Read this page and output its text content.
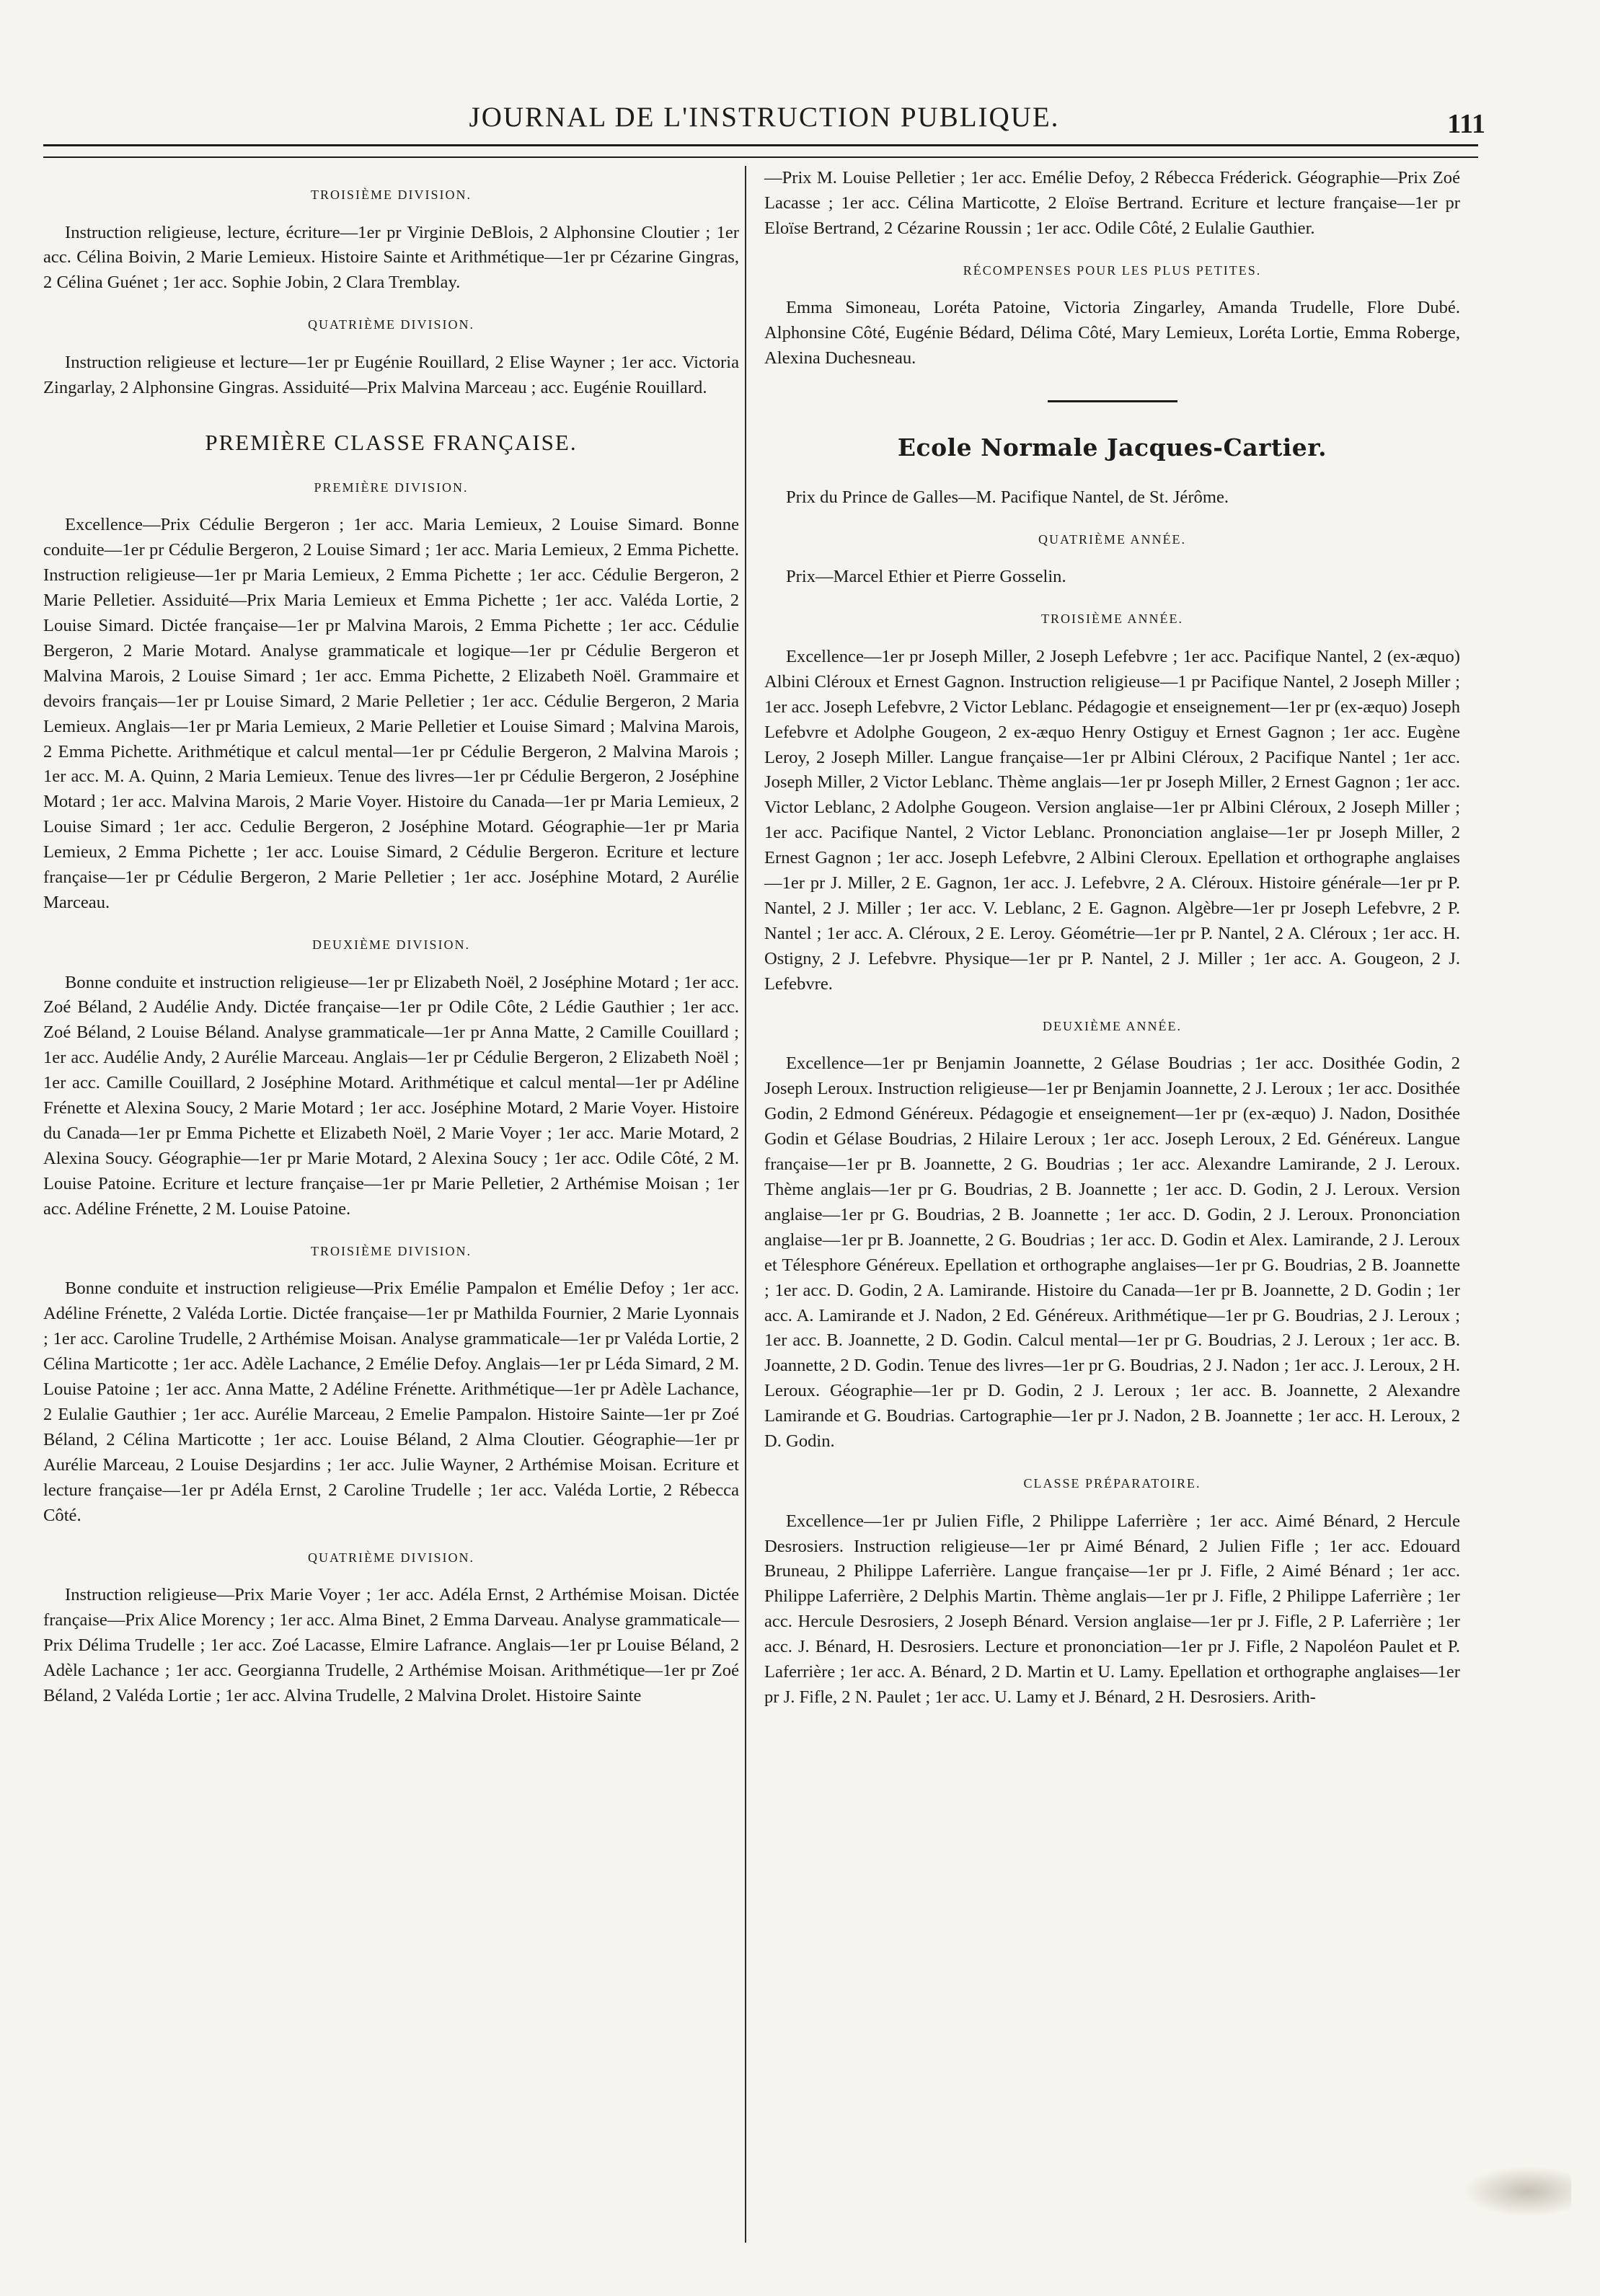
JOURNAL DE L'INSTRUCTION PUBLIQUE.	111
TROISIÈME DIVISION.

Instruction religieuse, lecture, écriture—1er pr Virginie DeBlois, 2 Alphonsine Cloutier ; 1er acc. Célina Boivin, 2 Marie Lemieux. Histoire Sainte et Arithmétique—1er pr Cézarine Gingras, 2 Célina Guénet ; 1er acc. Sophie Jobin, 2 Clara Tremblay.

QUATRIÈME DIVISION.

Instruction religieuse et lecture—1er pr Eugénie Rouillard, 2 Elise Wayner ; 1er acc. Victoria Zingarlay, 2 Alphonsine Gingras. Assiduité—Prix Malvina Marceau ; acc. Eugénie Rouillard.

PREMIÈRE CLASSE FRANÇAISE.
PREMIÈRE DIVISION.

Excellence—Prix Cédulie Bergeron ; 1er acc. Maria Lemieux, 2 Louise Simard. Bonne conduite—1er pr Cédulie Bergeron, 2 Louise Simard ; 1er acc. Maria Lemieux, 2 Emma Pichette. Instruction religieuse—1er pr Maria Lemieux, 2 Emma Pichette ; 1er acc. Cédulie Bergeron, 2 Marie Pelletier. Assiduité—Prix Maria Lemieux et Emma Pichette ; 1er acc. Valéda Lortie, 2 Louise Simard. Dictée française—1er pr Malvina Marois, 2 Emma Pichette ; 1er acc. Cédulie Bergeron, 2 Marie Motard. Analyse grammaticale et logique—1er pr Cédulie Bergeron et Malvina Marois, 2 Louise Simard ; 1er acc. Emma Pichette, 2 Elizabeth Noël. Grammaire et devoirs français—1er pr Louise Simard, 2 Marie Pelletier ; 1er acc. Cédulie Bergeron, 2 Maria Lemieux. Anglais—1er pr Maria Lemieux, 2 Marie Pelletier et Louise Simard ; Malvina Marois, 2 Emma Pichette. Arithmétique et calcul mental—1er pr Cédulie Bergeron, 2 Malvina Marois ; 1er acc. M. A. Quinn, 2 Maria Lemieux. Tenue des livres—1er pr Cédulie Bergeron, 2 Joséphine Motard ; 1er acc. Malvina Marois, 2 Marie Voyer. Histoire du Canada—1er pr Maria Lemieux, 2 Louise Simard ; 1er acc. Cedulie Bergeron, 2 Joséphine Motard. Géographie—1er pr Maria Lemieux, 2 Emma Pichette ; 1er acc. Louise Simard, 2 Cédulie Bergeron. Ecriture et lecture française—1er pr Cédulie Bergeron, 2 Marie Pelletier ; 1er acc. Joséphine Motard, 2 Aurélie Marceau.

DEUXIÈME DIVISION.

Bonne conduite et instruction religieuse—1er pr Elizabeth Noël, 2 Joséphine Motard ; 1er acc. Zoé Béland, 2 Audélie Andy. Dictée française—1er pr Odile Côte, 2 Lédie Gauthier ; 1er acc. Zoé Béland, 2 Louise Béland. Analyse grammaticale—1er pr Anna Matte, 2 Camille Couillard ; 1er acc. Audélie Andy, 2 Aurélie Marceau. Anglais—1er pr Cédulie Bergeron, 2 Elizabeth Noël ; 1er acc. Camille Couillard, 2 Joséphine Motard. Arithmétique et calcul mental—1er pr Adéline Frénette et Alexina Soucy, 2 Marie Motard ; 1er acc. Joséphine Motard, 2 Marie Voyer. Histoire du Canada—1er pr Emma Pichette et Elizabeth Noël, 2 Marie Voyer ; 1er acc. Marie Motard, 2 Alexina Soucy. Géographie—1er pr Marie Motard, 2 Alexina Soucy ; 1er acc. Odile Côté, 2 M. Louise Patoine. Ecriture et lecture française—1er pr Marie Pelletier, 2 Arthémise Moisan ; 1er acc. Adéline Frénette, 2 M. Louise Patoine.

TROISIÈME DIVISION.

Bonne conduite et instruction religieuse—Prix Emélie Pampalon et Emélie Defoy ; 1er acc. Adéline Frénette, 2 Valéda Lortie. Dictée française—1er pr Mathilda Fournier, 2 Marie Lyonnais ; 1er acc. Caroline Trudelle, 2 Arthémise Moisan. Analyse grammaticale—1er pr Valéda Lortie, 2 Célina Marticotte ; 1er acc. Adèle Lachance, 2 Emélie Defoy. Anglais—1er pr Léda Simard, 2 M. Louise Patoine ; 1er acc. Anna Matte, 2 Adéline Frénette. Arithmétique—1er pr Adèle Lachance, 2 Eulalie Gauthier ; 1er acc. Aurélie Marceau, 2 Emelie Pampalon. Histoire Sainte—1er pr Zoé Béland, 2 Célina Marticotte ; 1er acc. Louise Béland, 2 Alma Cloutier. Géographie—1er pr Aurélie Marceau, 2 Louise Desjardins ; 1er acc. Julie Wayner, 2 Arthémise Moisan. Ecriture et lecture française—1er pr Adéla Ernst, 2 Caroline Trudelle ; 1er acc. Valéda Lortie, 2 Rébecca Côté.

QUATRIÈME DIVISION.

Instruction religieuse—Prix Marie Voyer ; 1er acc. Adéla Ernst, 2 Arthémise Moisan. Dictée française—Prix Alice Morency ; 1er acc. Alma Binet, 2 Emma Darveau. Analyse grammaticale—Prix Délima Trudelle ; 1er acc. Zoé Lacasse, Elmire Lafrance. Anglais—1er pr Louise Béland, 2 Adèle Lachance ; 1er acc. Georgianna Trudelle, 2 Arthémise Moisan. Arithmétique—1er pr Zoé Béland, 2 Valéda Lortie ; 1er acc. Alvina Trudelle, 2 Malvina Drolet. Histoire Sainte

—Prix M. Louise Pelletier ; 1er acc. Emélie Defoy, 2 Rébecca Fréderick. Géographie—Prix Zoé Lacasse ; 1er acc. Célina Marticotte, 2 Eloïse Bertrand. Ecriture et lecture française—1er pr Eloïse Bertrand, 2 Cézarine Roussin ; 1er acc. Odile Côté, 2 Eulalie Gauthier.

RÉCOMPENSES POUR LES PLUS PETITES.

Emma Simoneau, Loréta Patoine, Victoria Zingarley, Amanda Trudelle, Flore Dubé. Alphonsine Côté, Eugénie Bédard, Délima Côté, Mary Lemieux, Loréta Lortie, Emma Roberge, Alexina Duchesneau.

Ecole Normale Jacques-Cartier.

Prix du Prince de Galles—M. Pacifique Nantel, de St. Jérôme.

QUATRIÈME ANNÉE.

Prix—Marcel Ethier et Pierre Gosselin.

TROISIÈME ANNÉE.

Excellence—1er pr Joseph Miller, 2 Joseph Lefebvre ; 1er acc. Pacifique Nantel, 2 (ex-æquo) Albini Cléroux et Ernest Gagnon. Instruction religieuse—1 pr Pacifique Nantel, 2 Joseph Miller ; 1er acc. Joseph Lefebvre, 2 Victor Leblanc. Pédagogie et enseignement—1er pr (ex-æquo) Joseph Lefebvre et Adolphe Gougeon, 2 ex-æquo Henry Ostiguy et Ernest Gagnon ; 1er acc. Eugène Leroy, 2 Joseph Miller. Langue française—1er pr Albini Cléroux, 2 Pacifique Nantel ; 1er acc. Joseph Miller, 2 Victor Leblanc. Thème anglais—1er pr Joseph Miller, 2 Ernest Gagnon ; 1er acc. Victor Leblanc, 2 Adolphe Gougeon. Version anglaise—1er pr Albini Cléroux, 2 Joseph Miller ; 1er acc. Pacifique Nantel, 2 Victor Leblanc. Prononciation anglaise—1er pr Joseph Miller, 2 Ernest Gagnon ; 1er acc. Joseph Lefebvre, 2 Albini Cleroux. Epellation et orthographe anglaises—1er pr J. Miller, 2 E. Gagnon, 1er acc. J. Lefebvre, 2 A. Cléroux. Histoire générale—1er pr P. Nantel, 2 J. Miller ; 1er acc. V. Leblanc, 2 E. Gagnon. Algèbre—1er pr Joseph Lefebvre, 2 P. Nantel ; 1er acc. A. Cléroux, 2 E. Leroy. Géométrie—1er pr P. Nantel, 2 A. Cléroux ; 1er acc. H. Ostigny, 2 J. Lefebvre. Physique—1er pr P. Nantel, 2 J. Miller ; 1er acc. A. Gougeon, 2 J. Lefebvre.

DEUXIÈME ANNÉE.

Excellence—1er pr Benjamin Joannette, 2 Gélase Boudrias ; 1er acc. Dosithée Godin, 2 Joseph Leroux. Instruction religieuse—1er pr Benjamin Joannette, 2 J. Leroux ; 1er acc. Dosithée Godin, 2 Edmond Généreux. Pédagogie et enseignement—1er pr (ex-æquo) J. Nadon, Dosithée Godin et Gélase Boudrias, 2 Hilaire Leroux ; 1er acc. Joseph Leroux, 2 Ed. Généreux. Langue française—1er pr B. Joannette, 2 G. Boudrias ; 1er acc. Alexandre Lamirande, 2 J. Leroux. Thème anglais—1er pr G. Boudrias, 2 B. Joannette ; 1er acc. D. Godin, 2 J. Leroux. Version anglaise—1er pr G. Boudrias, 2 B. Joannette ; 1er acc. D. Godin, 2 J. Leroux. Prononciation anglaise—1er pr B. Joannette, 2 G. Boudrias ; 1er acc. D. Godin et Alex. Lamirande, 2 J. Leroux et Télesphore Généreux. Epellation et orthographe anglaises—1er pr G. Boudrias, 2 B. Joannette ; 1er acc. D. Godin, 2 A. Lamirande. Histoire du Canada—1er pr B. Joannette, 2 D. Godin ; 1er acc. A. Lamirande et J. Nadon, 2 Ed. Généreux. Arithmétique—1er pr G. Boudrias, 2 J. Leroux ; 1er acc. B. Joannette, 2 D. Godin. Calcul mental—1er pr G. Boudrias, 2 J. Leroux ; 1er acc. B. Joannette, 2 D. Godin. Tenue des livres—1er pr G. Boudrias, 2 J. Nadon ; 1er acc. J. Leroux, 2 H. Leroux. Géographie—1er pr D. Godin, 2 J. Leroux ; 1er acc. B. Joannette, 2 Alexandre Lamirande et G. Boudrias. Cartographie—1er pr J. Nadon, 2 B. Joannette ; 1er acc. H. Leroux, 2 D. Godin.

CLASSE PRÉPARATOIRE.

Excellence—1er pr Julien Fifle, 2 Philippe Laferrière ; 1er acc. Aimé Bénard, 2 Hercule Desrosiers. Instruction religieuse—1er pr Aimé Bénard, 2 Julien Fifle ; 1er acc. Edouard Bruneau, 2 Philippe Laferrière. Langue française—1er pr J. Fifle, 2 Aimé Bénard ; 1er acc. Philippe Laferrière, 2 Delphis Martin. Thème anglais—1er pr J. Fifle, 2 Philippe Laferrière ; 1er acc. Hercule Desrosiers, 2 Joseph Bénard. Version anglaise—1er pr J. Fifle, 2 P. Laferrière ; 1er acc. J. Bénard, H. Desrosiers. Lecture et prononciation—1er pr J. Fifle, 2 Napoléon Paulet et P. Laferrière ; 1er acc. A. Bénard, 2 D. Martin et U. Lamy. Epellation et orthographe anglaises—1er pr J. Fifle, 2 N. Paulet ; 1er acc. U. Lamy et J. Bénard, 2 H. Desrosiers. Arith-
